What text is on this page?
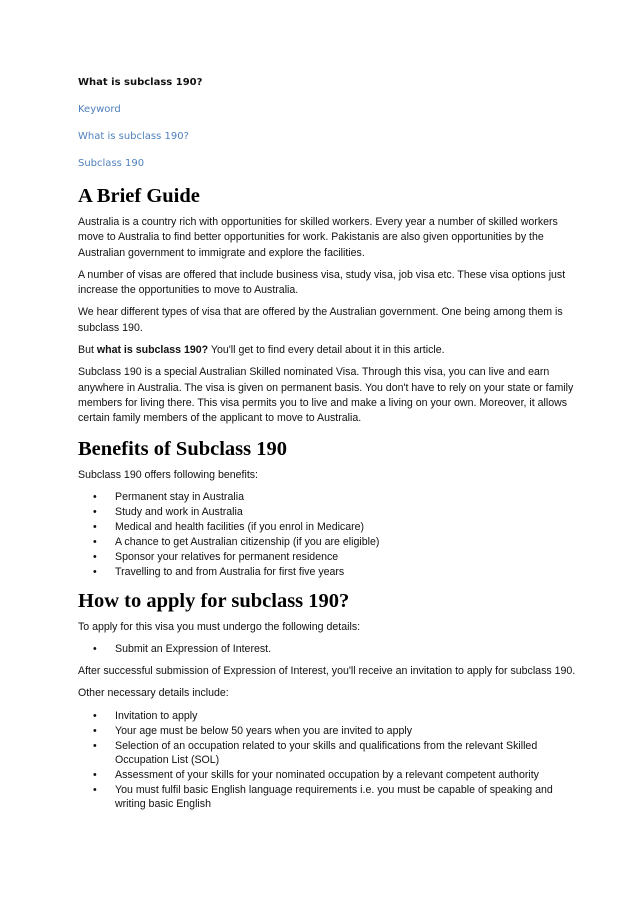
What is subclass 190?
Keyword
What is subclass 190?
Subclass 190
A Brief Guide

Australia is a country rich with opportunities for skilled workers. Every year a number of skilled workers move to Australia to find better opportunities for work. Pakistanis are also given opportunities by the Australian government to immigrate and explore the facilities.

A number of visas are offered that include business visa, study visa, job visa etc. These visa options just increase the opportunities to move to Australia.

We hear different types of visa that are offered by the Australian government. One being among them is subclass 190.

But what is subclass 190? You'll get to find every detail about it in this article.

Subclass 190 is a special Australian Skilled nominated Visa. Through this visa, you can live and earn anywhere in Australia. The visa is given on permanent basis. You don't have to rely on your state or family members for living there. This visa permits you to live and make a living on your own. Moreover, it allows certain family members of the applicant to move to Australia.

Benefits of Subclass 190

Subclass 190 offers following benefits:

• Permanent stay in Australia
• Study and work in Australia
• Medical and health facilities (if you enrol in Medicare)
• A chance to get Australian citizenship (if you are eligible)
• Sponsor your relatives for permanent residence
• Travelling to and from Australia for first five years
How to apply for subclass 190?

To apply for this visa you must undergo the following details:

• Submit an Expression of Interest.

After successful submission of Expression of Interest, you'll receive an invitation to apply for subclass 190.

Other necessary details include:

• Invitation to apply
• Your age must be below 50 years when you are invited to apply
• Selection of an occupation related to your skills and qualifications from the relevant Skilled Occupation List (SOL)
• Assessment of your skills for your nominated occupation by a relevant competent authority
• You must fulfil basic English language requirements i.e. you must be capable of speaking and writing basic English
